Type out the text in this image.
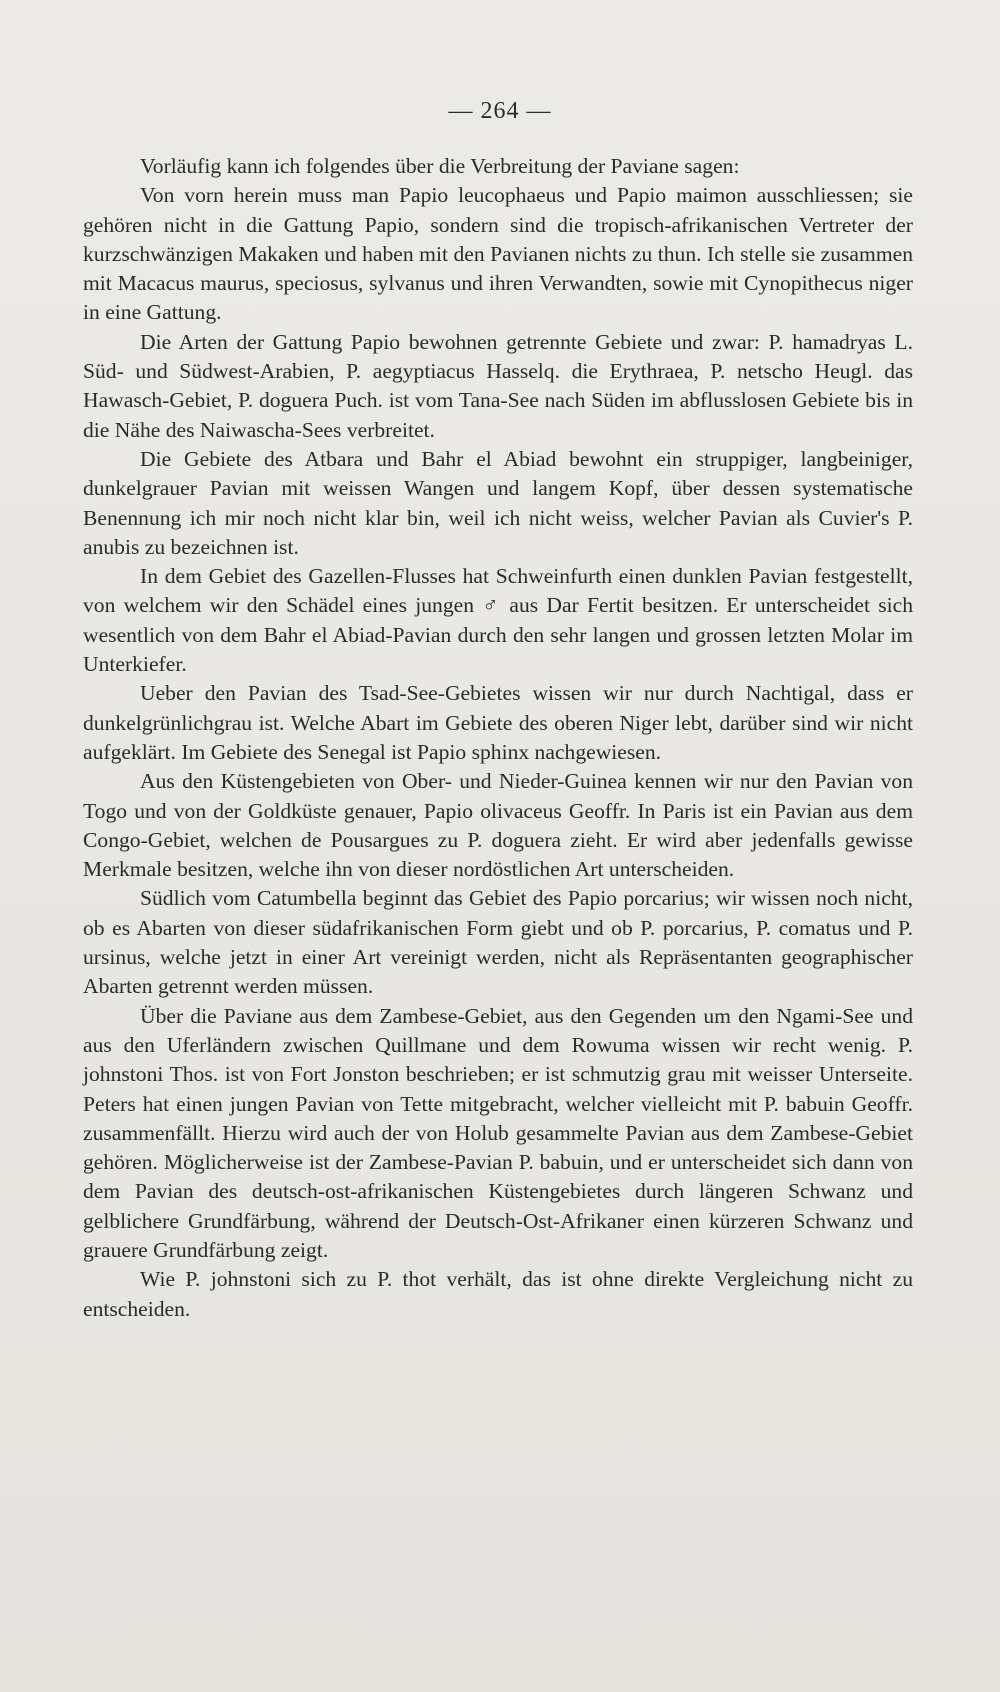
— 264 —

Vorläufig kann ich folgendes über die Verbreitung der Paviane sagen:

Von vorn herein muss man Papio leucophaeus und Papio maimon ausschliessen; sie gehören nicht in die Gattung Papio, sondern sind die tropisch-afrikanischen Vertreter der kurzschwänzigen Makaken und haben mit den Pavianen nichts zu thun. Ich stelle sie zusammen mit Macacus maurus, speciosus, sylvanus und ihren Verwandten, sowie mit Cynopithecus niger in eine Gattung.

Die Arten der Gattung Papio bewohnen getrennte Gebiete und zwar: P. hamadryas L. Süd- und Südwest-Arabien, P. aegyptiacus Hasselq. die Erythraea, P. netscho Heugl. das Hawasch-Gebiet, P. doguera Puch. ist vom Tana-See nach Süden im abflusslosen Gebiete bis in die Nähe des Naiwascha-Sees verbreitet.

Die Gebiete des Atbara und Bahr el Abiad bewohnt ein struppiger, langbeiniger, dunkelgrauer Pavian mit weissen Wangen und langem Kopf, über dessen systematische Benennung ich mir noch nicht klar bin, weil ich nicht weiss, welcher Pavian als Cuvier's P. anubis zu bezeichnen ist.

In dem Gebiet des Gazellen-Flusses hat Schweinfurth einen dunklen Pavian festgestellt, von welchem wir den Schädel eines jungen ♂ aus Dar Fertit besitzen. Er unterscheidet sich wesentlich von dem Bahr el Abiad-Pavian durch den sehr langen und grossen letzten Molar im Unterkiefer.

Ueber den Pavian des Tsad-See-Gebietes wissen wir nur durch Nachtigal, dass er dunkelgrünlichgrau ist. Welche Abart im Gebiete des oberen Niger lebt, darüber sind wir nicht aufgeklärt. Im Gebiete des Senegal ist Papio sphinx nachgewiesen.

Aus den Küstengebieten von Ober- und Nieder-Guinea kennen wir nur den Pavian von Togo und von der Goldküste genauer, Papio olivaceus Geoffr. In Paris ist ein Pavian aus dem Congo-Gebiet, welchen de Pousargues zu P. doguera zieht. Er wird aber jedenfalls gewisse Merkmale besitzen, welche ihn von dieser nordöstlichen Art unterscheiden.

Südlich vom Catumbella beginnt das Gebiet des Papio porcarius; wir wissen noch nicht, ob es Abarten von dieser südafrikanischen Form giebt und ob P. porcarius, P. comatus und P. ursinus, welche jetzt in einer Art vereinigt werden, nicht als Repräsentanten geographischer Abarten getrennt werden müssen.

Über die Paviane aus dem Zambese-Gebiet, aus den Gegenden um den Ngami-See und aus den Uferländern zwischen Quillmane und dem Rowuma wissen wir recht wenig. P. johnstoni Thos. ist von Fort Jonston beschrieben; er ist schmutzig grau mit weisser Unterseite. Peters hat einen jungen Pavian von Tette mitgebracht, welcher vielleicht mit P. babuin Geoffr. zusammenfällt. Hierzu wird auch der von Holub gesammelte Pavian aus dem Zambese-Gebiet gehören. Möglicherweise ist der Zambese-Pavian P. babuin, und er unterscheidet sich dann von dem Pavian des deutsch-ost-afrikanischen Küstengebietes durch längeren Schwanz und gelblichere Grundfärbung, während der Deutsch-Ost-Afrikaner einen kürzeren Schwanz und grauere Grundfärbung zeigt.

Wie P. johnstoni sich zu P. thot verhält, das ist ohne direkte Vergleichung nicht zu entscheiden.
